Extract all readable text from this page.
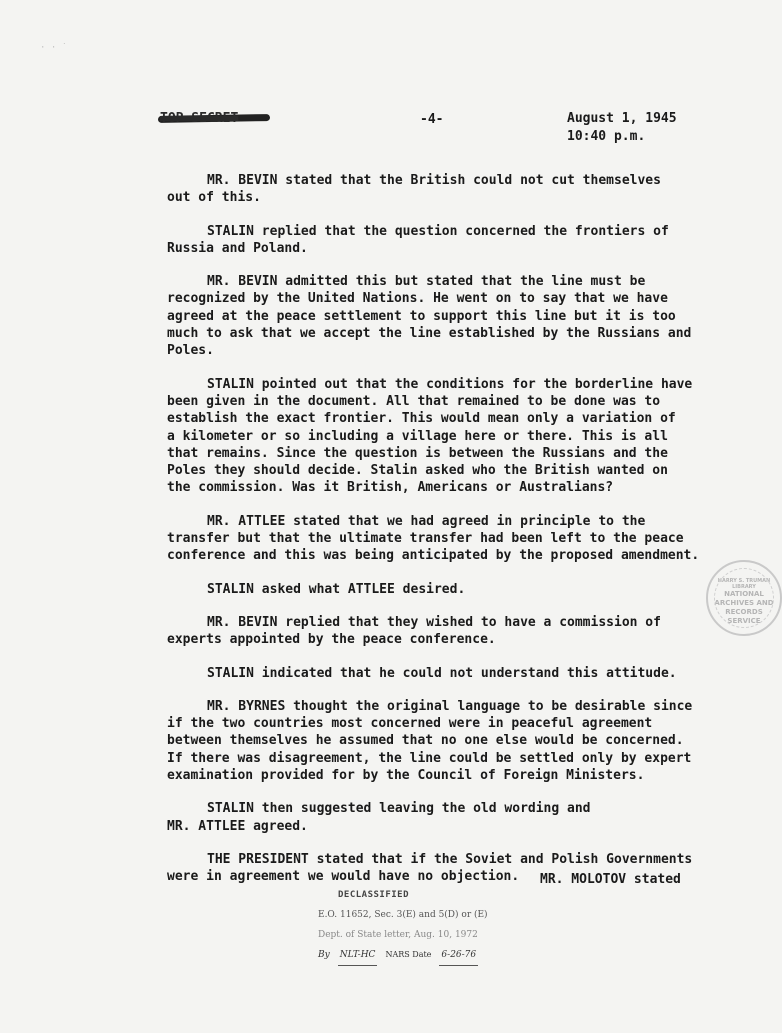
· · ˙
TOP SECRET	-4-	August 1, 1945
10:40 p.m.
MR. BEVIN stated that the British could not cut themselves
out of this.
STALIN replied that the question concerned the frontiers of
Russia and Poland.
MR. BEVIN admitted this but stated that the line must be
recognized by the United Nations. He went on to say that we have
agreed at the peace settlement to support this line but it is too
much to ask that we accept the line established by the Russians and
Poles.
STALIN pointed out that the conditions for the borderline have
been given in the document. All that remained to be done was to
establish the exact frontier. This would mean only a variation of
a kilometer or so including a village here or there. This is all
that remains. Since the question is between the Russians and the
Poles they should decide. Stalin asked who the British wanted on
the commission. Was it British, Americans or Australians?
MR. ATTLEE stated that we had agreed in principle to the
transfer but that the ultimate transfer had been left to the peace
conference and this was being anticipated by the proposed amendment.
STALIN asked what ATTLEE desired.
MR. BEVIN replied that they wished to have a commission of
experts appointed by the peace conference.
STALIN indicated that he could not understand this attitude.
MR. BYRNES thought the original language to be desirable since
if the two countries most concerned were in peaceful agreement
between themselves he assumed that no one else would be concerned.
If there was disagreement, the line could be settled only by expert
examination provided for by the Council of Foreign Ministers.
STALIN then suggested leaving the old wording and
MR. ATTLEE agreed.
THE PRESIDENT stated that if the Soviet and Polish Governments
were in agreement we would have no objection.	MR. MOLOTOV stated
HARRY S. TRUMAN LIBRARY
NATIONAL
ARCHIVES AND
RECORDS
SERVICE
DECLASSIFIED
E.O. 11652, Sec. 3(E) and 5(D) or (E)
Dept. of State letter, Aug. 10, 1972
By NLT-HC NARS Date 6-26-76
